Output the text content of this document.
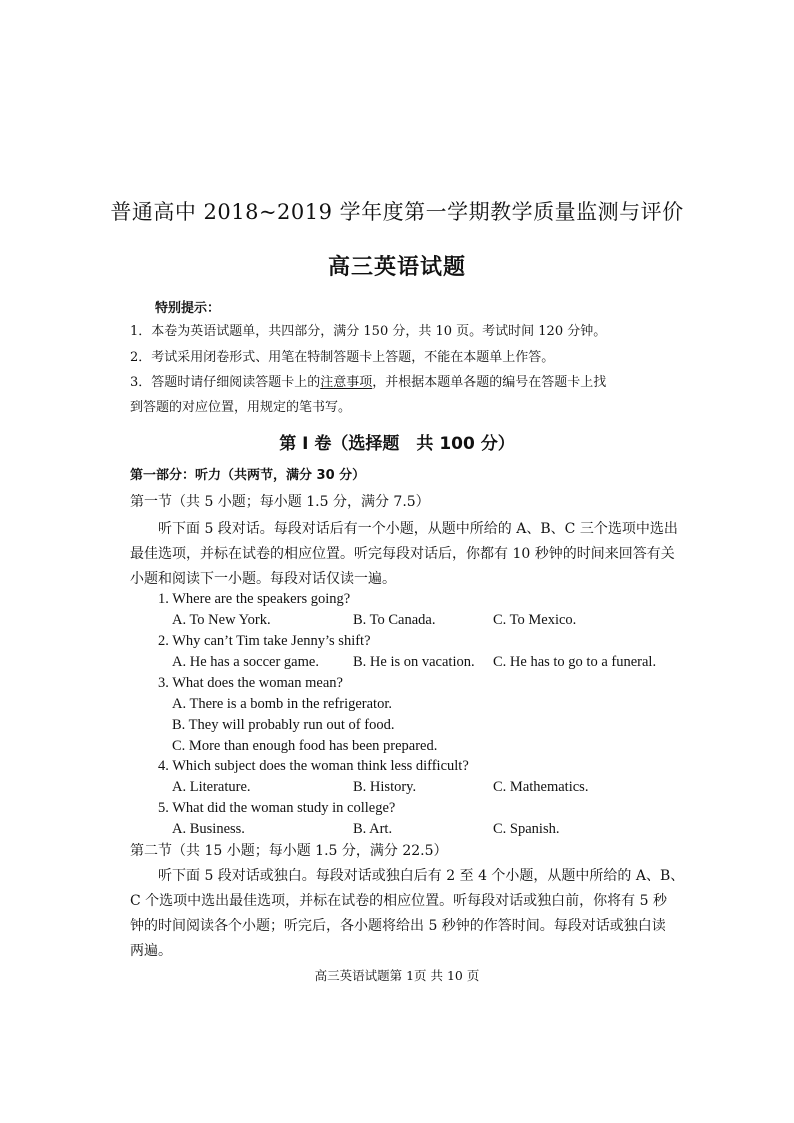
普通高中 2018~2019 学年度第一学期教学质量监测与评价
高三英语试题
特别提示：
1．本卷为英语试题单，共四部分，满分 150 分，共 10 页。考试时间 120 分钟。
2．考试采用闭卷形式、用笔在特制答题卡上答题，不能在本题单上作答。
3．答题时请仔细阅读答题卡上的注意事项，并根据本题单各题的编号在答题卡上找
到答题的对应位置，用规定的笔书写。
第 I 卷（选择题　共 100 分）
第一部分：听力（共两节，满分 30 分）
第一节（共 5 小题；每小题 1.5 分，满分 7.5）
听下面 5 段对话。每段对话后有一个小题，从题中所给的 A、B、C 三个选项中选出
最佳选项，并标在试卷的相应位置。听完每段对话后，你都有 10 秒钟的时间来回答有关
小题和阅读下一小题。每段对话仅读一遍。
1. Where are the speakers going?
A. To New York.	B. To Canada.	C. To Mexico.
2. Why can’t Tim take Jenny’s shift?
A. He has a soccer game. B. He is on vacation. C. He has to go to a funeral.
3. What does the woman mean?
A. There is a bomb in the refrigerator.
B. They will probably run out of food.
C. More than enough food has been prepared.
4. Which subject does the woman think less difficult?
A. Literature.	B. History.	C. Mathematics.
5. What did the woman study in college?
A. Business.	B. Art.	C. Spanish.
第二节（共 15 小题；每小题 1.5 分，满分 22.5）
听下面 5 段对话或独白。每段对话或独白后有 2 至 4 个小题，从题中所给的 A、B、
C 个选项中选出最佳选项，并标在试卷的相应位置。听每段对话或独白前，你将有 5 秒
钟的时间阅读各个小题；听完后，各小题将给出 5 秒钟的作答时间。每段对话或独白读
两遍。
高三英语试题第 1页 共 10 页
